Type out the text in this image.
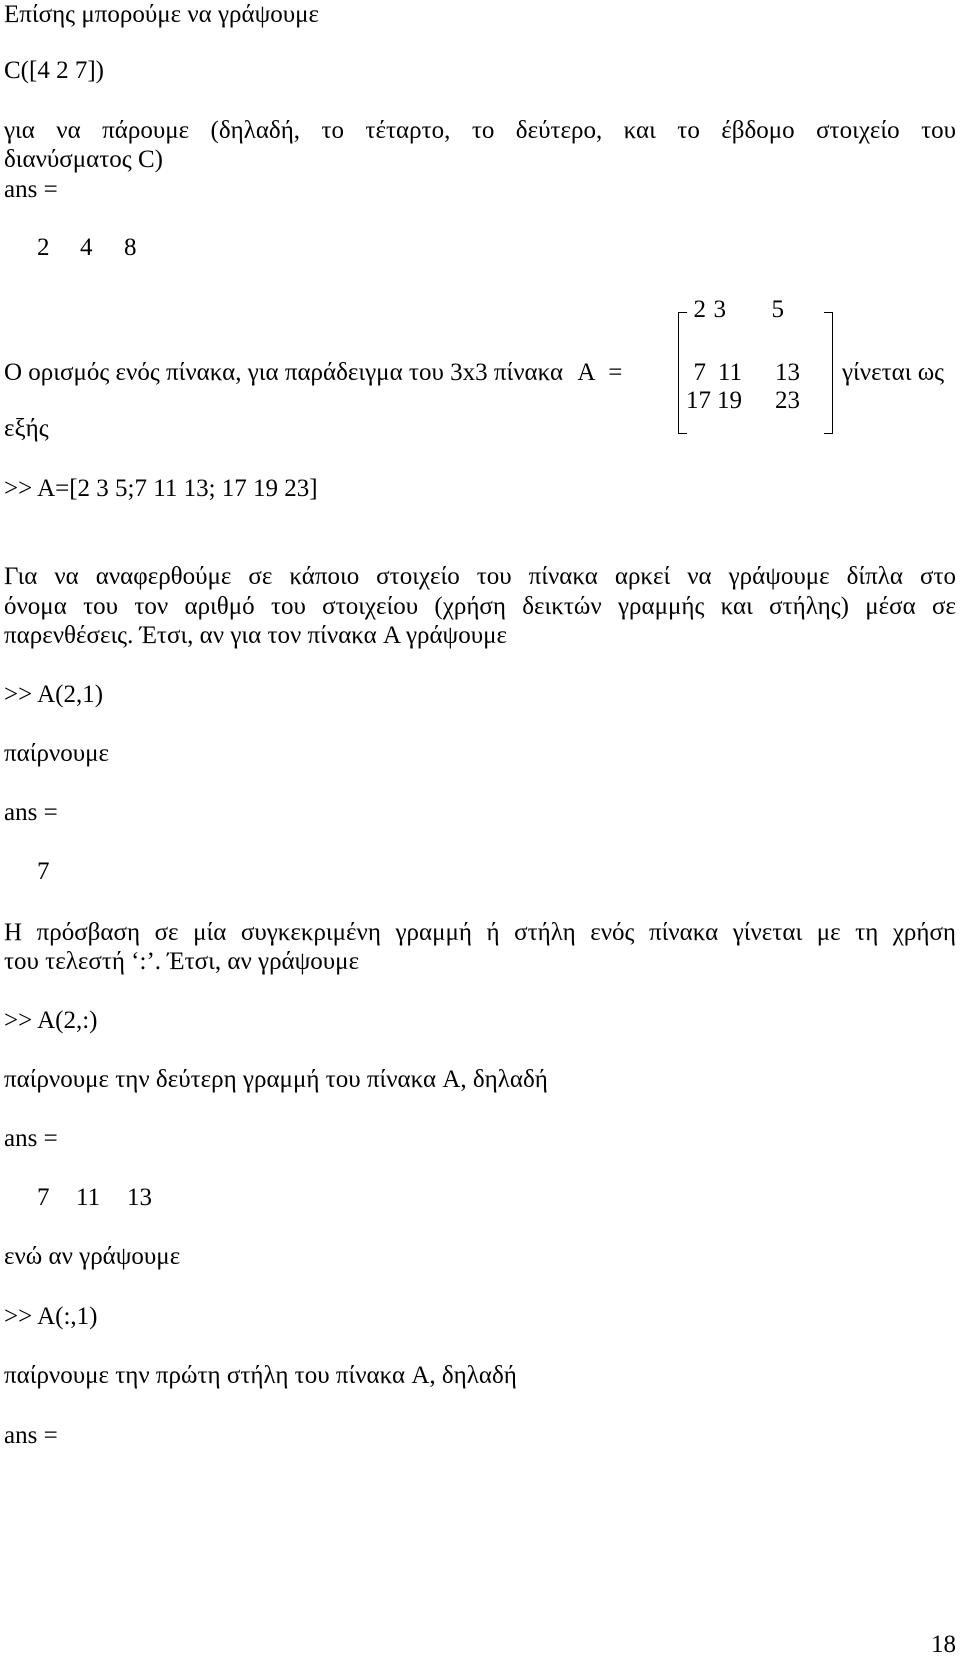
Επίσης μπορούμε να γράψουμε

C([4 2 7])

για να πάρουμε (δηλαδή, το τέταρτο, το δεύτερο, και το έβδομο στοιχείο του

διανύσματος C)

ans =

2 4 8
Ο ορισμός ενός πίνακα, για παράδειγμα του 3x3 πίνακα A =
2 3	5
7 11	13
17 19	23
γίνεται ως

εξής

>> A=[2 3 5;7 11 13; 17 19 23]

Για να αναφερθούμε σε κάποιο στοιχείο του πίνακα αρκεί να γράψουμε δίπλα στο

όνομα του τον αριθμό του στοιχείου (χρήση δεικτών γραμμής και στήλης) μέσα σε

παρενθέσεις. Έτσι, αν για τον πίνακα A γράψουμε

>> A(2,1)

παίρνουμε

ans =

7

Η πρόσβαση σε μία συγκεκριμένη γραμμή ή στήλη ενός πίνακα γίνεται με τη χρήση

του τελεστή ‘:’. Έτσι, αν γράψουμε

>> A(2,:)

παίρνουμε την δεύτερη γραμμή του πίνακα A, δηλαδή

ans =

7 11 13

ενώ αν γράψουμε

>> A(:,1)

παίρνουμε την πρώτη στήλη του πίνακα A, δηλαδή

ans =

18
